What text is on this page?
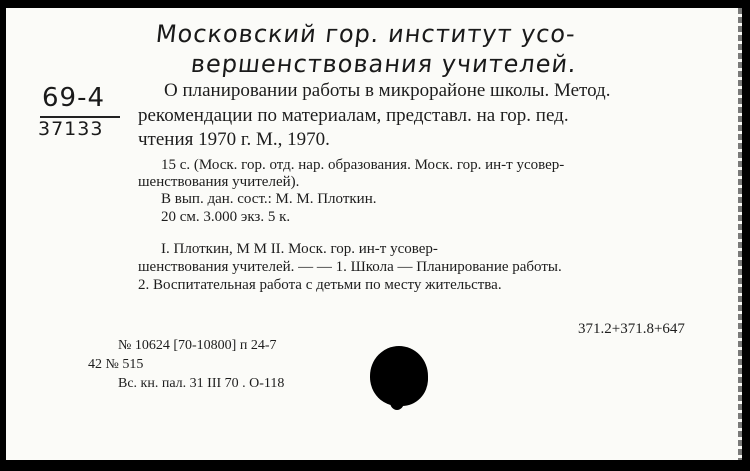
Московский гор. институт усо-
вершенствования учителей.
69-4
37133
О планировании работы в микрорайоне школы. Метод.
рекомендации по материалам, представл. на гор. пед.
чтения 1970 г. М., 1970.
15 с. (Моск. гор. отд. нар. образования. Моск. гор. ин-т усовер-
шенствования учителей).
В вып. дан. сост.: М. М. Плоткин.
20 см. 3.000 экз. 5 к.
I. Плоткин, М М II. Моск. гор. ин-т усовер-
шенствования учителей. — — 1. Школа — Планирование работы.
2. Воспитательная работа с детьми по месту жительства.
371.2+371.8+647
№ 10624 [70-10800] п 24-7
42 № 515
Вс. кн. пал. 31 III 70 . О-118
